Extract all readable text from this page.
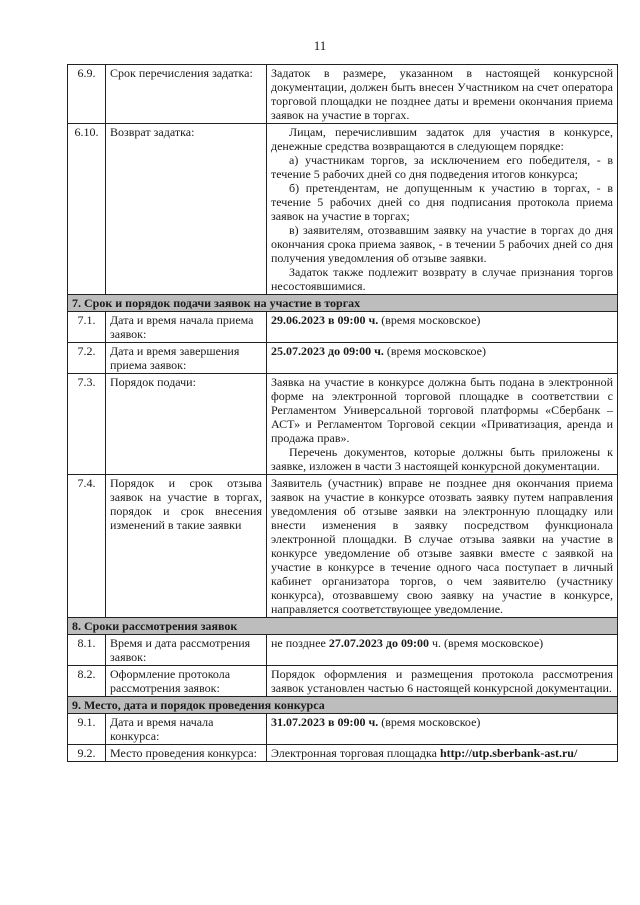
11
6.9.	Срок перечисления задатка:	Задаток в размере, указанном в настоящей конкурсной документации, должен быть внесен Участником на счет оператора торговой площадки не позднее даты и времени окончания приема заявок на участие в торгах.
6.10.	Возврат задатка:	Лицам, перечислившим задаток для участия в конкурсе, денежные средства возвращаются в следующем порядке:
а) участникам торгов, за исключением его победителя, - в течение 5 рабочих дней со дня подведения итогов конкурса;
б) претендентам, не допущенным к участию в торгах, - в течение 5 рабочих дней со дня подписания протокола приема заявок на участие в торгах;
в) заявителям, отозвавшим заявку на участие в торгах до дня окончания срока приема заявок, - в течении 5 рабочих дней со дня получения уведомления об отзыве заявки.
Задаток также подлежит возврату в случае признания торгов несостоявшимися.

7. Срок и порядок подачи заявок на участие в торгах		
7.1.	Дата и время начала приема заявок:	29.06.2023 в 09:00 ч. (время московское)
7.2.	Дата и время завершения приема заявок:	25.07.2023 до 09:00 ч. (время московское)
7.3.	Порядок подачи:	Заявка на участие в конкурсе должна быть подана в электронной форме на электронной торговой площадке в соответствии с Регламентом Универсальной торговой платформы «Сбербанк – АСТ» и Регламентом Торговой секции «Приватизация, аренда и продажа прав».
Перечень документов, которые должны быть приложены к заявке, изложен в части 3 настоящей конкурсной документации.

7.4.	Порядок и срок отзыва заявок на участие в торгах, порядок и срок внесения изменений в такие заявки	Заявитель (участник) вправе не позднее дня окончания приема заявок на участие в конкурсе отозвать заявку путем направления уведомления об отзыве заявки на электронную площадку или внести изменения в заявку посредством функционала электронной площадки. В случае отзыва заявки на участие в конкурсе уведомление об отзыве заявки вместе с заявкой на участие в конкурсе в течение одного часа поступает в личный кабинет организатора торгов, о чем заявителю (участнику конкурса), отозвавшему свою заявку на участие в конкурсе, направляется соответствующее уведомление.
8. Сроки рассмотрения заявок		
8.1.	Время и дата рассмотрения заявок:	не позднее 27.07.2023 до 09:00 ч. (время московское)
8.2.	Оформление протокола рассмотрения заявок:	Порядок оформления и размещения протокола рассмотрения заявок установлен частью 6 настоящей конкурсной документации.
9. Место, дата и порядок проведения конкурса		
9.1.	Дата и время начала конкурса:	31.07.2023 в 09:00 ч. (время московское)
9.2.	Место проведения конкурса:	Электронная торговая площадка http://utp.sberbank-ast.ru/
